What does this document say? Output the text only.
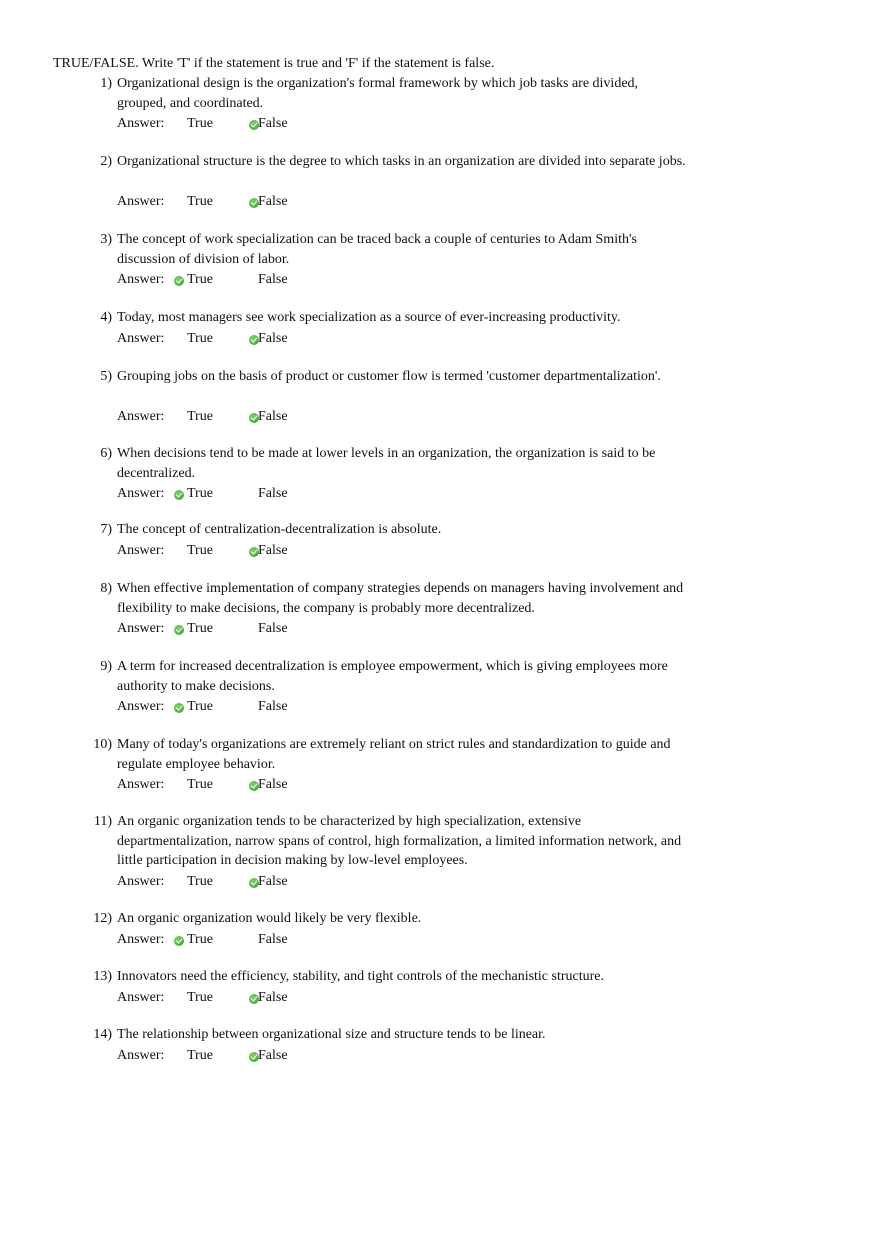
TRUE/FALSE. Write 'T' if the statement is true and 'F' if the statement is false.
1) Organizational design is the organization's formal framework by which job tasks are divided, grouped, and coordinated.
Answer: True	False
2) Organizational structure is the degree to which tasks in an organization are divided into separate jobs.
Answer: True	False
3) The concept of work specialization can be traced back a couple of centuries to Adam Smith's discussion of division of labor.
Answer: True	False
4) Today, most managers see work specialization as a source of ever-increasing productivity.
Answer: True	False
5) Grouping jobs on the basis of product or customer flow is termed 'customer departmentalization'.
Answer: True	False
6) When decisions tend to be made at lower levels in an organization, the organization is said to be decentralized.
Answer: True	False
7) The concept of centralization-decentralization is absolute.
Answer: True	False
8) When effective implementation of company strategies depends on managers having involvement and flexibility to make decisions, the company is probably more decentralized.
Answer: True	False
9) A term for increased decentralization is employee empowerment, which is giving employees more authority to make decisions.
Answer: True	False
10) Many of today's organizations are extremely reliant on strict rules and standardization to guide and regulate employee behavior.
Answer: True	False
11) An organic organization tends to be characterized by high specialization, extensive departmentalization, narrow spans of control, high formalization, a limited information network, and little participation in decision making by low-level employees.
Answer: True	False
12) An organic organization would likely be very flexible.
Answer: True	False
13) Innovators need the efficiency, stability, and tight controls of the mechanistic structure.
Answer: True	False
14) The relationship between organizational size and structure tends to be linear.
Answer: True	False
